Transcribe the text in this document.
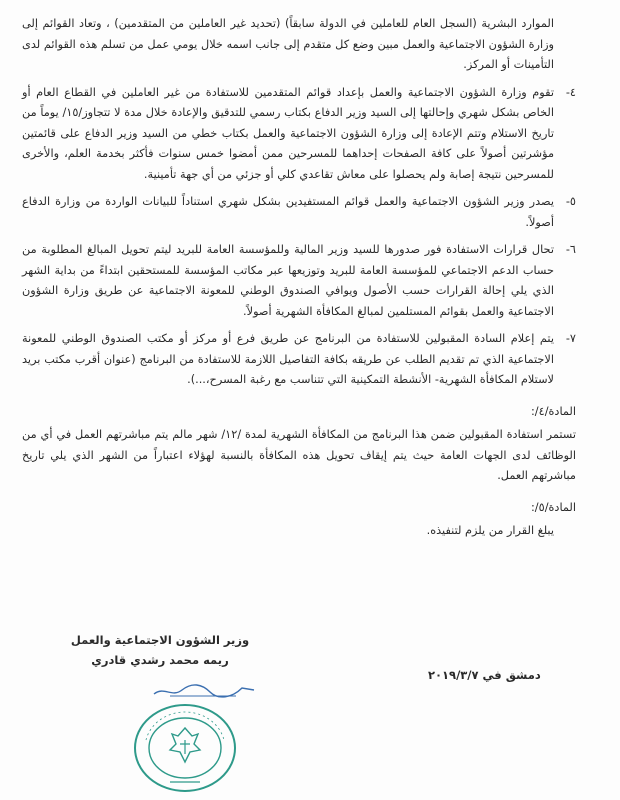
الموارد البشرية (السجل العام للعاملين في الدولة سابقاً) (تحديد غير العاملين من المتقدمين) ، وتعاد القوائم إلى وزارة الشؤون الاجتماعية والعمل مبين وضع كل متقدم إلى جانب اسمه خلال يومي عمل من تسلم هذه القوائم لدى التأمينات أو المركز.

٤-
تقوم وزارة الشؤون الاجتماعية والعمل بإعداد قوائم المتقدمين للاستفادة من غير العاملين في القطاع العام أو الخاص بشكل شهري وإحالتها إلى السيد وزير الدفاع بكتاب رسمي للتدقيق والإعادة خلال مدة لا تتجاوز/١٥/ يوماً من تاريخ الاستلام وتتم الإعادة إلى وزارة الشؤون الاجتماعية والعمل بكتاب خطي من السيد وزير الدفاع على قائمتين مؤشرتين أصولاً على كافة الصفحات إحداهما للمسرحين ممن أمضوا خمس سنوات فأكثر بخدمة العلم، والأخرى للمسرحين نتيجة إصابة ولم يحصلوا على معاش تقاعدي كلي أو جزئي من أي جهة تأمينية.
٥-
يصدر وزير الشؤون الاجتماعية والعمل قوائم المستفيدين بشكل شهري استناداً للبيانات الواردة من وزارة الدفاع أصولاً.
٦-
تحال قرارات الاستفادة فور صدورها للسيد وزير المالية وللمؤسسة العامة للبريد ليتم تحويل المبالغ المطلوبة من حساب الدعم الاجتماعي للمؤسسة العامة للبريد وتوزيعها عبر مكاتب المؤسسة للمستحقين ابتداءً من بداية الشهر الذي يلي إحالة القرارات حسب الأصول ويوافي الصندوق الوطني للمعونة الاجتماعية عن طريق وزارة الشؤون الاجتماعية والعمل بقوائم المستلمين لمبالغ المكافأة الشهرية أصولاً.
٧-
يتم إعلام السادة المقبولين للاستفادة من البرنامج عن طريق فرع أو مركز أو مكتب الصندوق الوطني للمعونة الاجتماعية الذي تم تقديم الطلب عن طريقه بكافة التفاصيل اللازمة للاستفادة من البرنامج (عنوان أقرب مكتب بريد لاستلام المكافأة الشهرية- الأنشطة التمكينية التي تتناسب مع رغبة المسرح،...).
المادة/٤/:

تستمر استفادة المقبولين ضمن هذا البرنامج من المكافأة الشهرية لمدة /١٢/ شهر مالم يتم مباشرتهم العمل في أي من الوظائف لدى الجهات العامة حيث يتم إيقاف تحويل هذه المكافأة بالنسبة لهؤلاء اعتباراً من الشهر الذي يلي تاريخ مباشرتهم العمل.

المادة/٥/:

يبلغ القرار من يلزم لتنفيذه.

وزير الشؤون الاجتماعية والعمل
ريمه محمد رشدي قادري
دمشق في ٢٠١٩/٣/٧
